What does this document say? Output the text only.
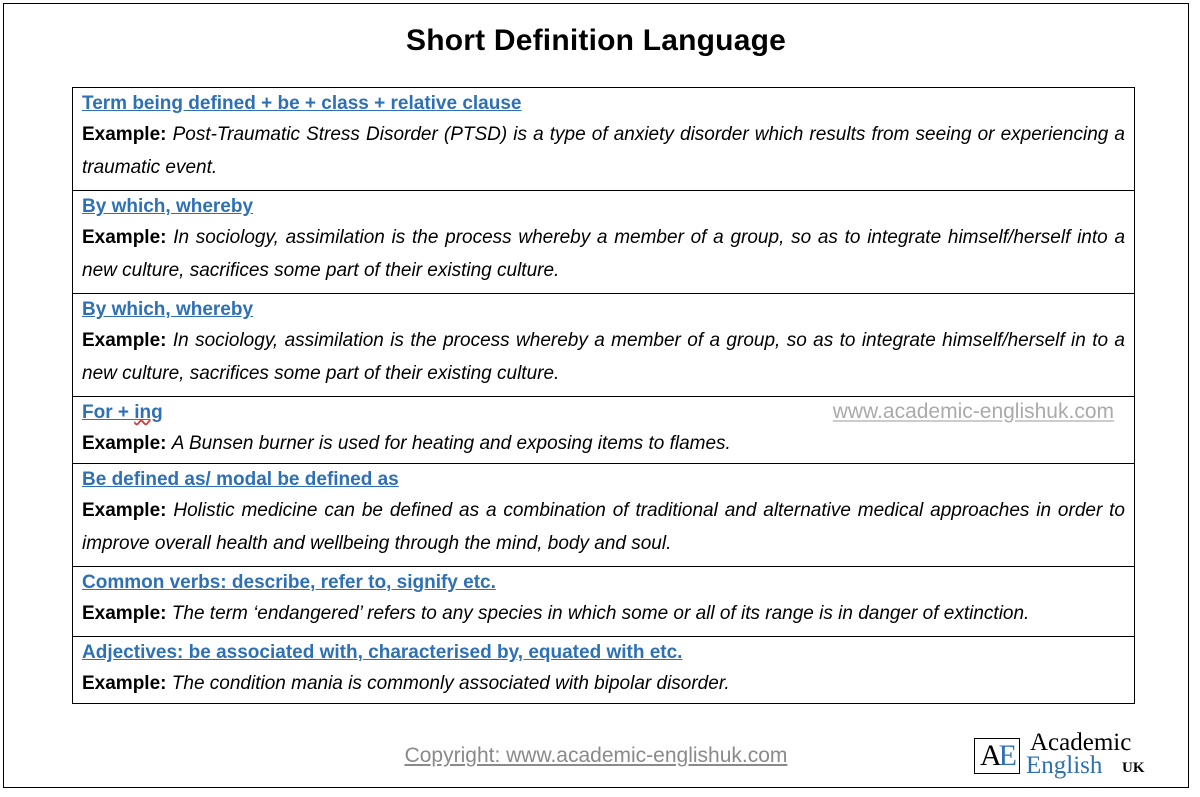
Short Definition Language
Term being defined + be + class + relative clause
Example: Post-Traumatic Stress Disorder (PTSD) is a type of anxiety disorder which results from seeing or experiencing a traumatic event.
By which, whereby
Example: In sociology, assimilation is the process whereby a member of a group, so as to integrate himself/herself into a new culture, sacrifices some part of their existing culture.
By which, whereby
Example: In sociology, assimilation is the process whereby a member of a group, so as to integrate himself/herself in to a new culture, sacrifices some part of their existing culture.
For + ing	www.academic-englishuk.com
Example: A Bunsen burner is used for heating and exposing items to flames.
Be defined as/ modal be defined as
Example: Holistic medicine can be defined as a combination of traditional and alternative medical approaches in order to improve overall health and wellbeing through the mind, body and soul.
Common verbs: describe, refer to, signify etc.
Example: The term ‘endangered’ refers to any species in which some or all of its range is in danger of extinction.
Adjectives: be associated with, characterised by, equated with etc.
Example: The condition mania is commonly associated with bipolar disorder.
Copyright: www.academic-englishuk.com	AE Academic
English UK
